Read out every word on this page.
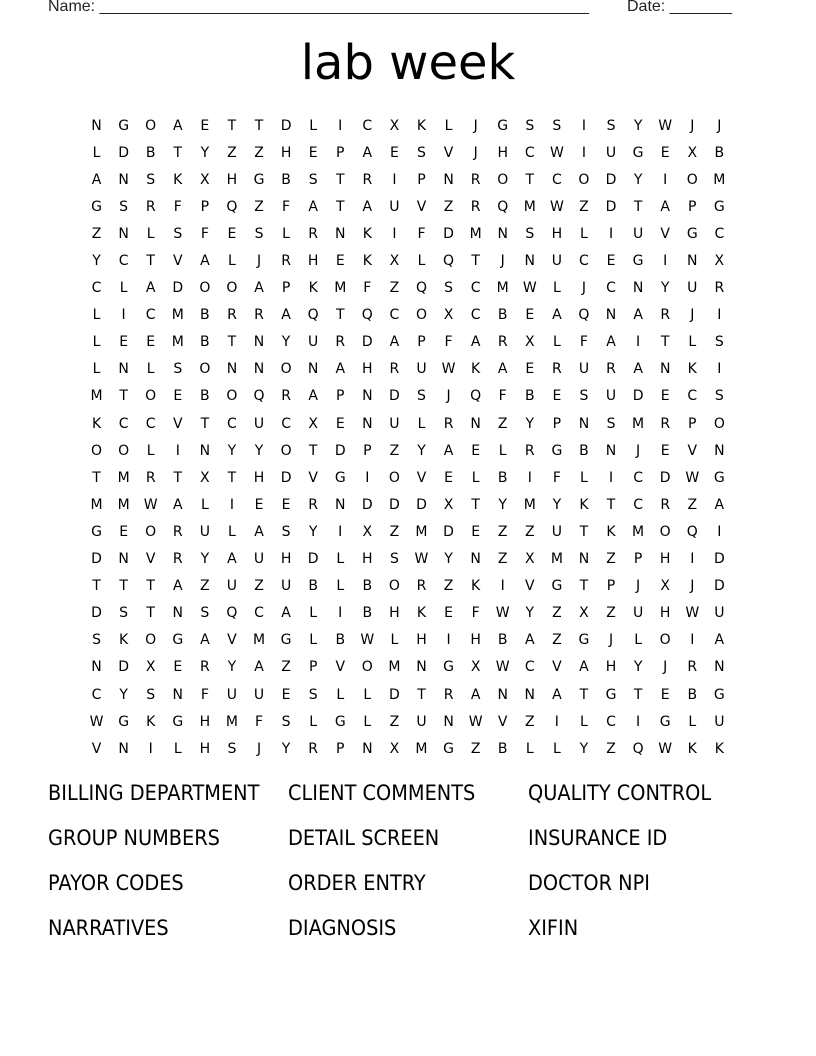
Name: _______________________________________________________ Date: _______
lab week
N	G	O	A	E	T	T	D	L	I	C	X	K	L	J	G	S	S	I	S	Y	W	J	J
L	D	B	T	Y	Z	Z	H	E	P	A	E	S	V	J	H	C	W	I	U	G	E	X	B
A	N	S	K	X	H	G	B	S	T	R	I	P	N	R	O	T	C	O	D	Y	I	O	M
G	S	R	F	P	Q	Z	F	A	T	A	U	V	Z	R	Q	M	W	Z	D	T	A	P	G
Z	N	L	S	F	E	S	L	R	N	K	I	F	D	M	N	S	H	L	I	U	V	G	C
Y	C	T	V	A	L	J	R	H	E	K	X	L	Q	T	J	N	U	C	E	G	I	N	X
C	L	A	D	O	O	A	P	K	M	F	Z	Q	S	C	M	W	L	J	C	N	Y	U	R
L	I	C	M	B	R	R	A	Q	T	Q	C	O	X	C	B	E	A	Q	N	A	R	J	I
L	E	E	M	B	T	N	Y	U	R	D	A	P	F	A	R	X	L	F	A	I	T	L	S
L	N	L	S	O	N	N	O	N	A	H	R	U	W	K	A	E	R	U	R	A	N	K	I
M	T	O	E	B	O	Q	R	A	P	N	D	S	J	Q	F	B	E	S	U	D	E	C	S
K	C	C	V	T	C	U	C	X	E	N	U	L	R	N	Z	Y	P	N	S	M	R	P	O
O	O	L	I	N	Y	Y	O	T	D	P	Z	Y	A	E	L	R	G	B	N	J	E	V	N
T	M	R	T	X	T	H	D	V	G	I	O	V	E	L	B	I	F	L	I	C	D	W	G
M	M	W	A	L	I	E	E	R	N	D	D	D	X	T	Y	M	Y	K	T	C	R	Z	A
G	E	O	R	U	L	A	S	Y	I	X	Z	M	D	E	Z	Z	U	T	K	M	O	Q	I
D	N	V	R	Y	A	U	H	D	L	H	S	W	Y	N	Z	X	M	N	Z	P	H	I	D
T	T	T	A	Z	U	Z	U	B	L	B	O	R	Z	K	I	V	G	T	P	J	X	J	D
D	S	T	N	S	Q	C	A	L	I	B	H	K	E	F	W	Y	Z	X	Z	U	H	W	U
S	K	O	G	A	V	M	G	L	B	W	L	H	I	H	B	A	Z	G	J	L	O	I	A
N	D	X	E	R	Y	A	Z	P	V	O	M	N	G	X	W	C	V	A	H	Y	J	R	N
C	Y	S	N	F	U	U	E	S	L	L	D	T	R	A	N	N	A	T	G	T	E	B	G
W	G	K	G	H	M	F	S	L	G	L	Z	U	N	W	V	Z	I	L	C	I	G	L	U
V	N	I	L	H	S	J	Y	R	P	N	X	M	G	Z	B	L	L	Y	Z	Q	W	K	K
BILLING DEPARTMENT	CLIENT COMMENTS	QUALITY CONTROL
GROUP NUMBERS	DETAIL SCREEN	INSURANCE ID
PAYOR CODES	ORDER ENTRY	DOCTOR NPI
NARRATIVES	DIAGNOSIS	XIFIN
